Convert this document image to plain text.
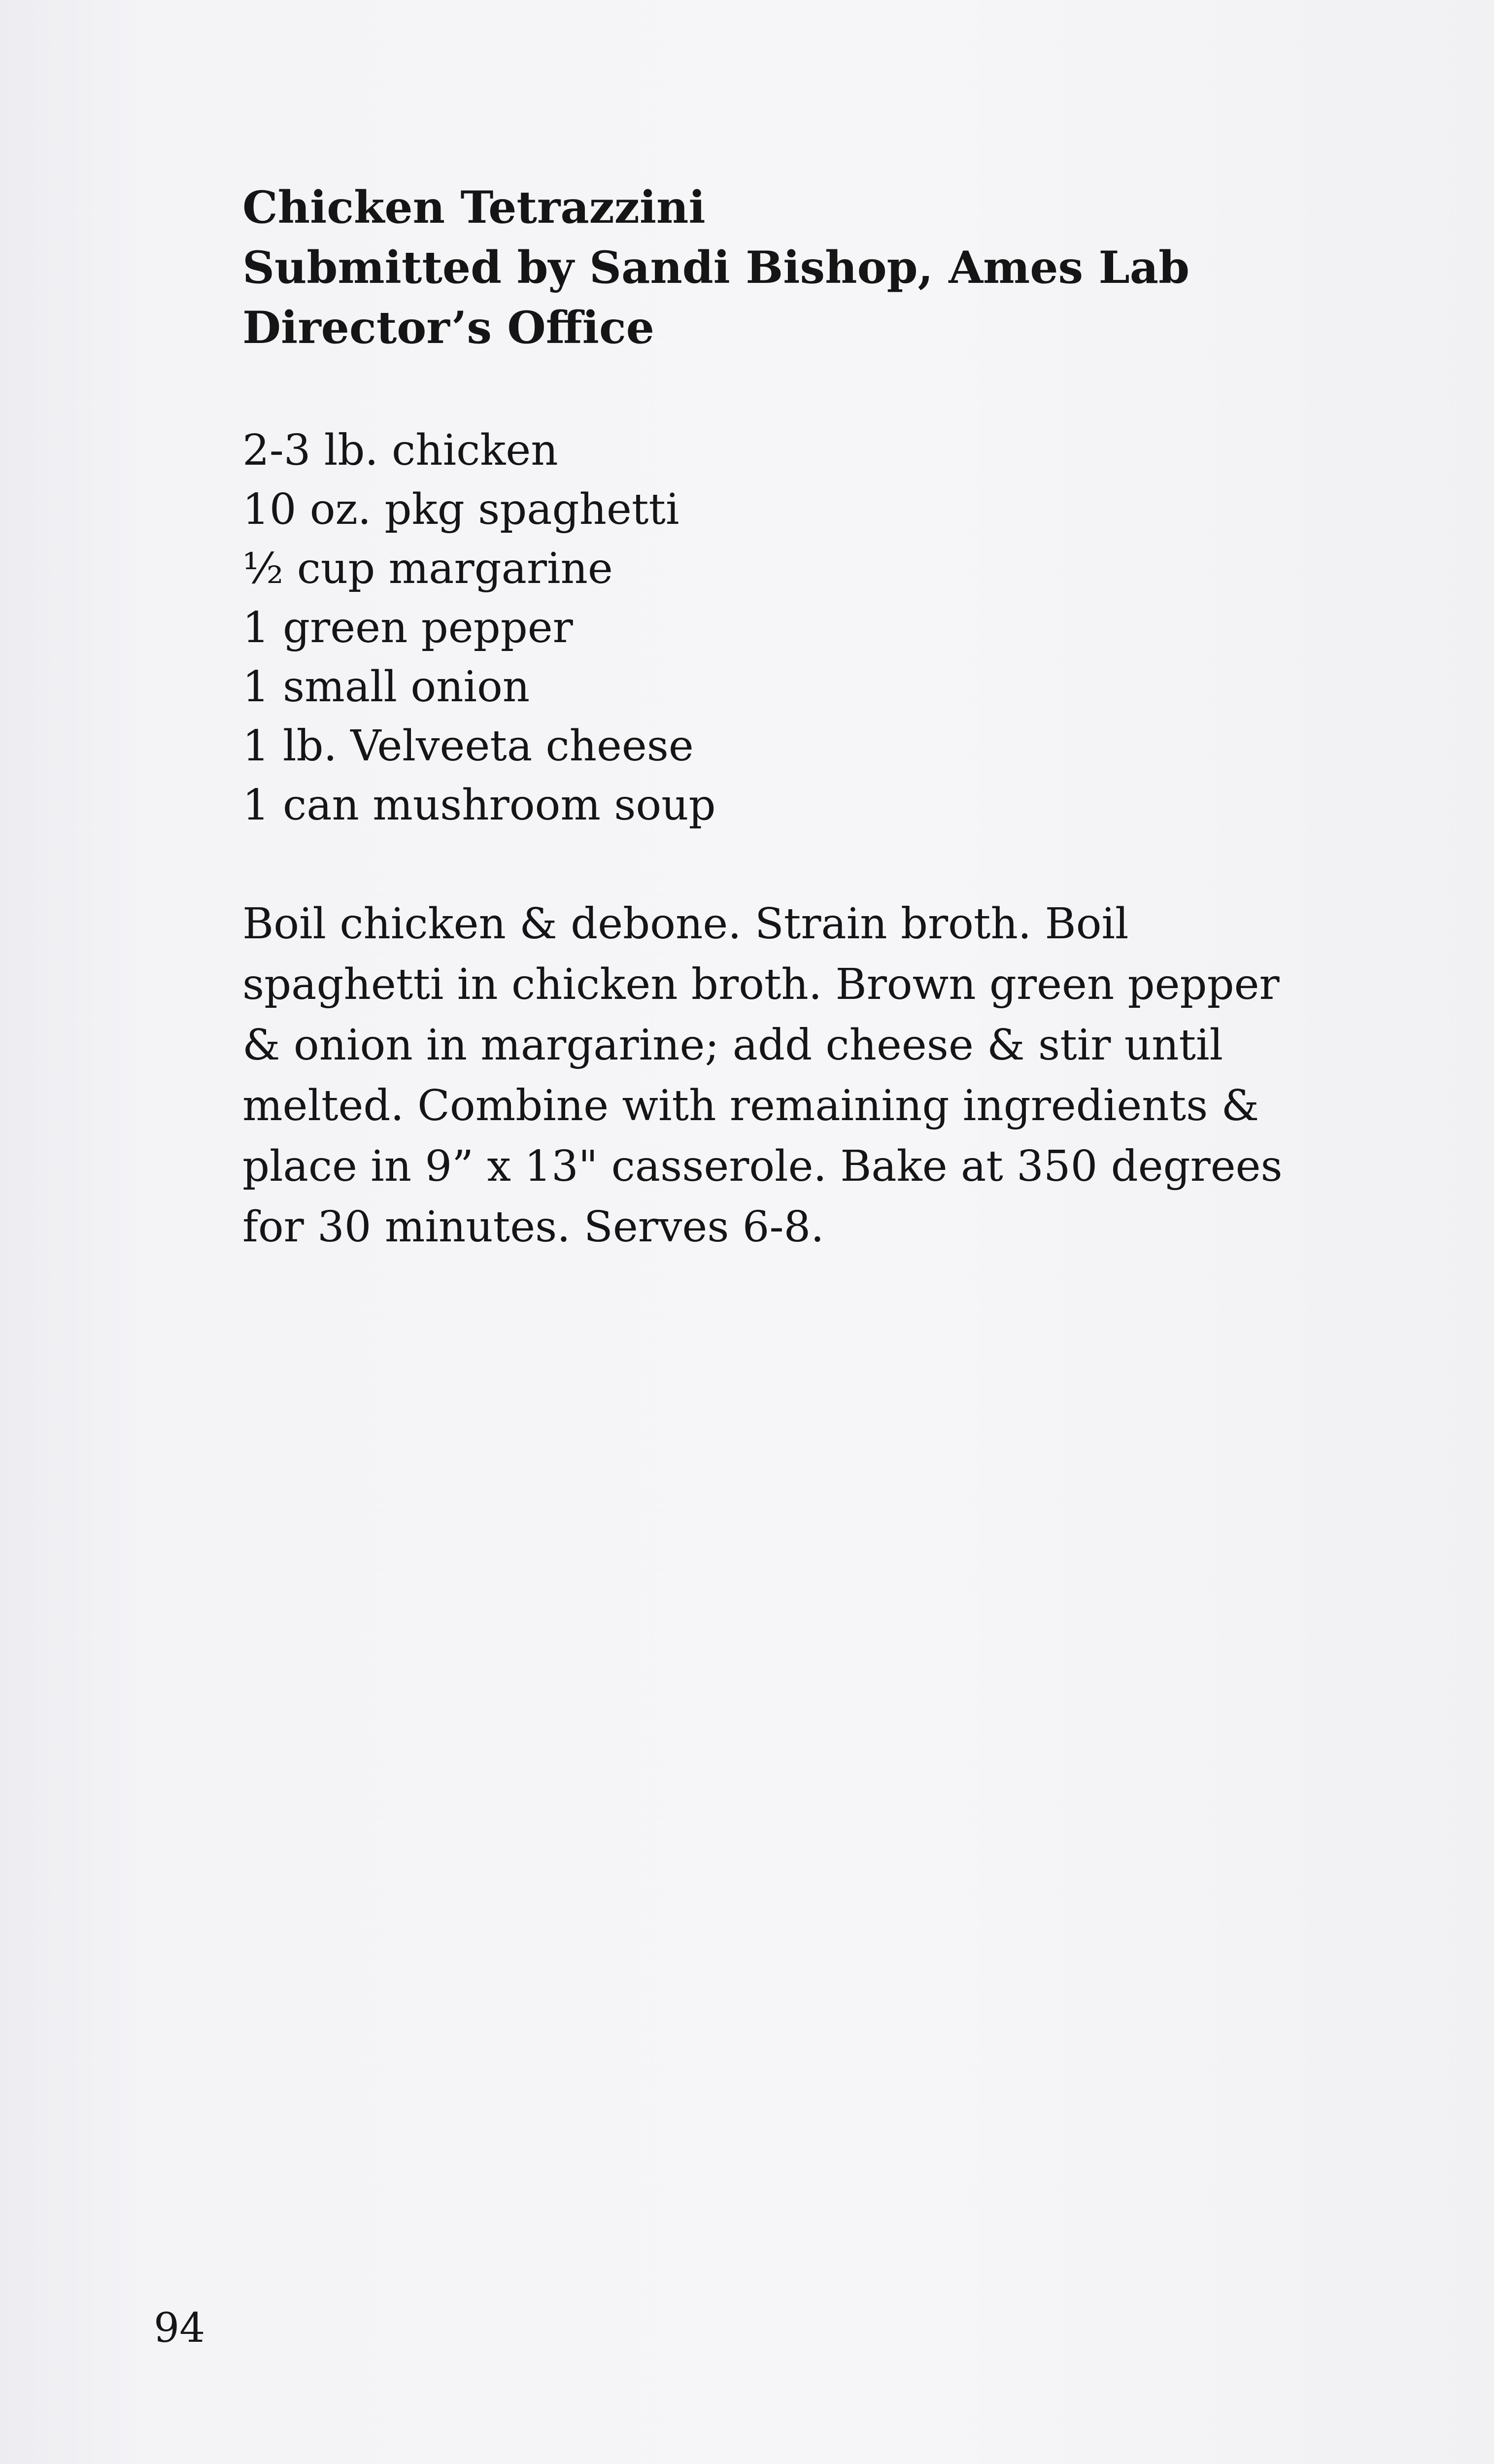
Chicken Tetrazzini
Submitted by Sandi Bishop, Ames Lab
Director’s Office
2-3 lb. chicken
10 oz. pkg spaghetti
½ cup margarine
1 green pepper
1 small onion
1 lb. Velveeta cheese
1 can mushroom soup
Boil chicken & debone. Strain broth. Boil
spaghetti in chicken broth. Brown green pepper
& onion in margarine; add cheese & stir until
melted. Combine with remaining ingredients &
place in 9” x 13" casserole. Bake at 350 degrees
for 30 minutes. Serves 6-8.
94
